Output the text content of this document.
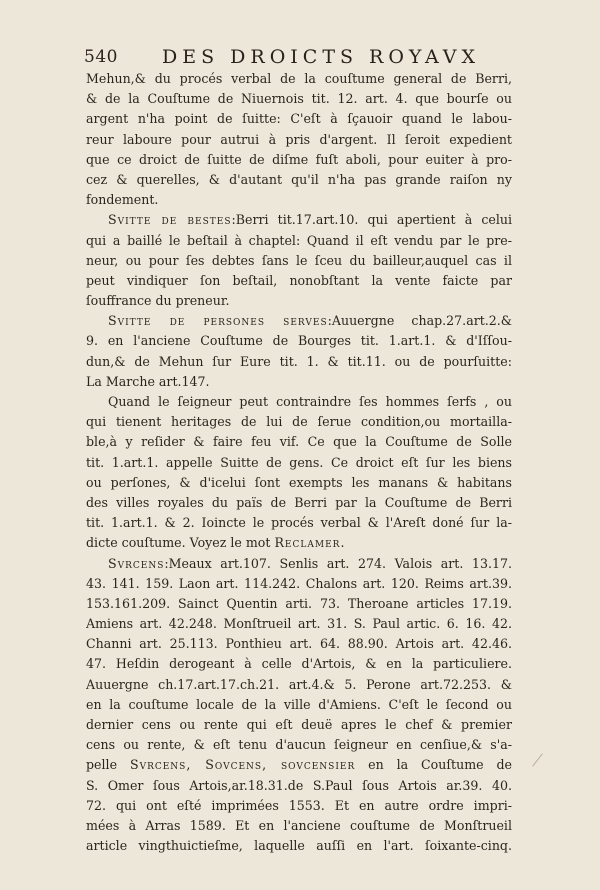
540 DES DROICTS ROYAVX
Mehun,& du procés verbal de la couſtume general de Berri,
& de la Couſtume de Niuernois tit. 12. art. 4. que bourſe ou
argent n'ha point de ſuitte: C'eſt à ſçauoir quand le labou-
reur laboure pour autrui à pris d'argent. Il ſeroit expedient
que ce droict de ſuitte de diſme fuſt aboli, pour euiter à pro-
cez & querelles, & d'autant qu'il n'ha pas grande raiſon ny
fondement.
Svitte de bestes:Berri tit.17.art.10. qui apertient à celui
qui a baillé le beſtail à chaptel: Quand il eſt vendu par le pre-
neur, ou pour ſes debtes ſans le ſceu du bailleur,auquel cas il
peut vindiquer ſon beſtail, nonobſtant la vente faicte par
ſouffrance du preneur.
Svitte de persones serves:Auuergne chap.27.art.2.&
9. en l'anciene Couſtume de Bourges tit. 1.art.1. & d'Iſſou-
dun,& de Mehun ſur Eure tit. 1. & tit.11. ou de pourſuitte:
La Marche art.147.
Quand le ſeigneur peut contraindre ſes hommes ſerfs , ou
qui tienent heritages de lui de ſerue condition,ou mortailla-
ble,à y reſider & faire feu vif. Ce que la Couſtume de Solle
tit. 1.art.1. appelle Suitte de gens. Ce droict eſt ſur les biens
ou perſones, & d'icelui ſont exempts les manans & habitans
des villes royales du païs de Berri par la Couſtume de Berri
tit. 1.art.1. & 2. Ioincte le procés verbal & l'Areſt doné ſur la-
dicte couſtume. Voyez le mot Reclamer.
Svrcens:Meaux art.107. Senlis art. 274. Valois art. 13.17.
43. 141. 159. Laon art. 114.242. Chalons art. 120. Reims art.39.
153.161.209. Sainct Quentin arti. 73. Theroane articles 17.19.
Amiens art. 42.248. Monſtrueil art. 31. S. Paul artic. 6. 16. 42.
Channi art. 25.113. Ponthieu art. 64. 88.90. Artois art. 42.46.
47. Heſdin derogeant à celle d'Artois, & en la particuliere.
Auuergne ch.17.art.17.ch.21. art.4.& 5. Perone art.72.253. &
en la couſtume locale de la ville d'Amiens. C'eſt le ſecond ou
dernier cens ou rente qui eſt deuë apres le chef & premier
cens ou rente, & eſt tenu d'aucun ſeigneur en cenſiue,& s'a-
pelle Svrcens, Sovcens, sovcensier en la Couſtume de
S. Omer ſous Artois,ar.18.31.de S.Paul ſous Artois ar.39. 40.
72. qui ont eſté imprimées 1553. Et en autre ordre impri-
mées à Arras 1589. Et en l'anciene couſtume de Monſtrueil
article vingthuictieſme, laquelle auſſi en l'art. ſoixante-cinq.
